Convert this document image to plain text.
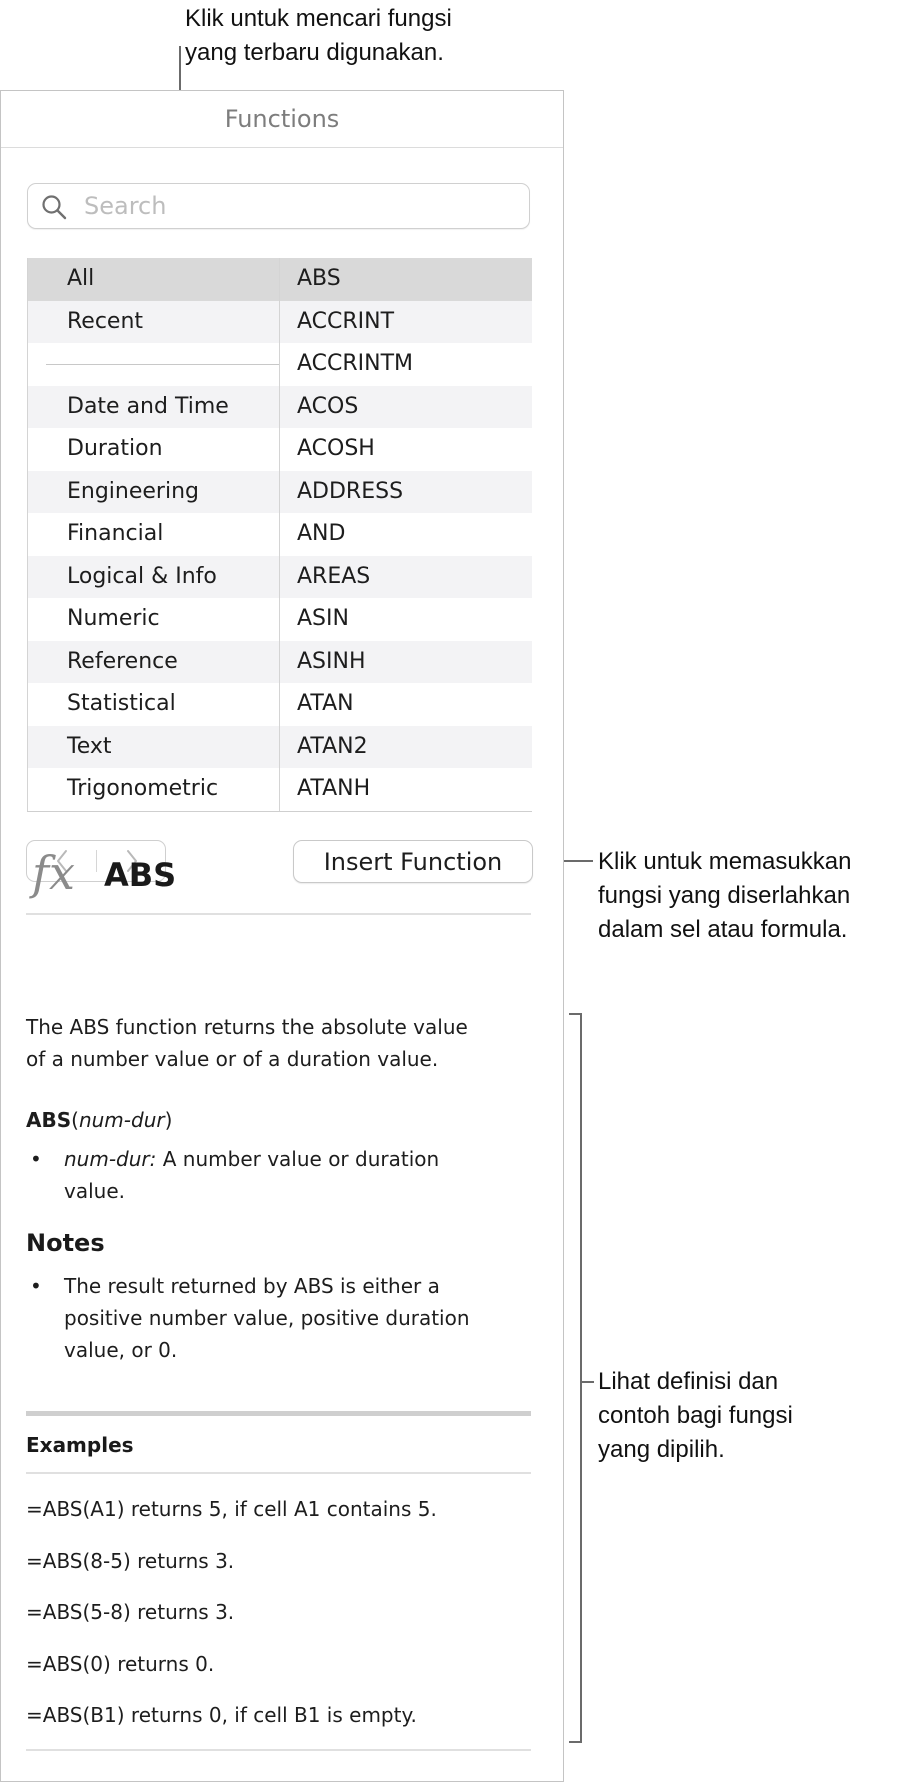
Klik untuk mencari fungsi
yang terbaru digunakan.
Klik untuk memasukkan
fungsi yang diserlahkan
dalam sel atau formula.
Lihat definisi dan
contoh bagi fungsi
yang dipilih.
Functions
Search
All
Recent
Date and Time
Duration
Engineering
Financial
Logical & Info
Numeric
Reference
Statistical
Text
Trigonometric
ABS
ACCRINT
ACCRINTM
ACOS
ACOSH
ADDRESS
AND
AREAS
ASIN
ASINH
ATAN
ATAN2
ATANH
Insert Function
fx ABS
The ABS function returns the absolute value
of a number value or of a duration value.
ABS(num-dur)
• num-dur: A number value or duration
value.
Notes
• The result returned by ABS is either a
positive number value, positive duration
value, or 0.
Examples
=ABS(A1) returns 5, if cell A1 contains 5.
=ABS(8-5) returns 3.
=ABS(5-8) returns 3.
=ABS(0) returns 0.
=ABS(B1) returns 0, if cell B1 is empty.
